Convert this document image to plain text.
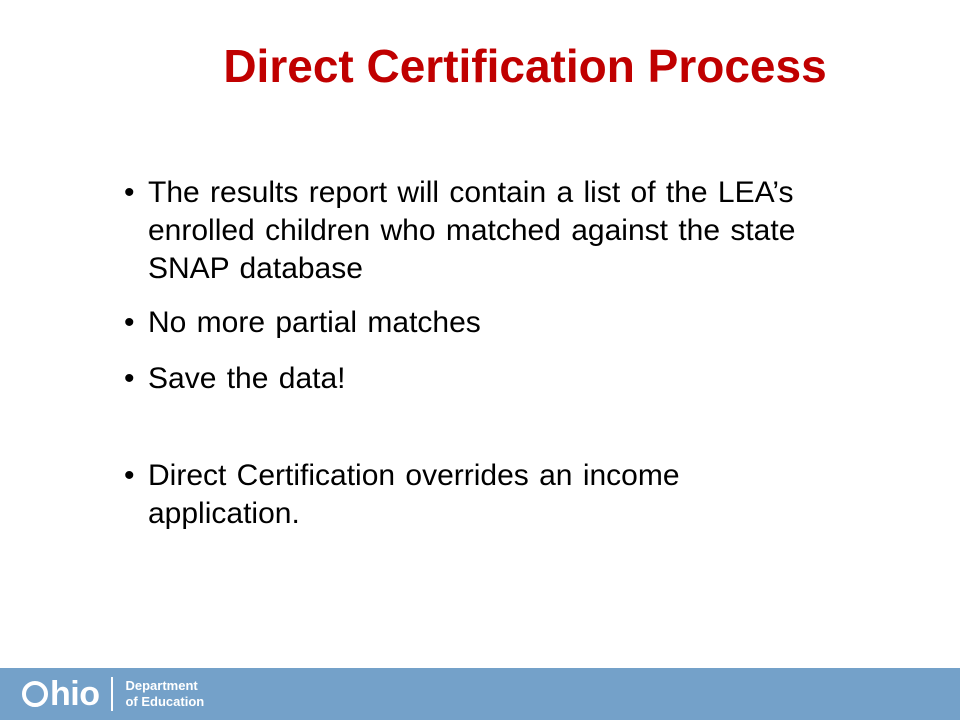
Direct Certification Process
• The results report will contain a list of the LEA’s enrolled children who matched against the state SNAP database
• No more partial matches
• Save the data!
• Direct Certification overrides an income application.
hio Department
of Education
